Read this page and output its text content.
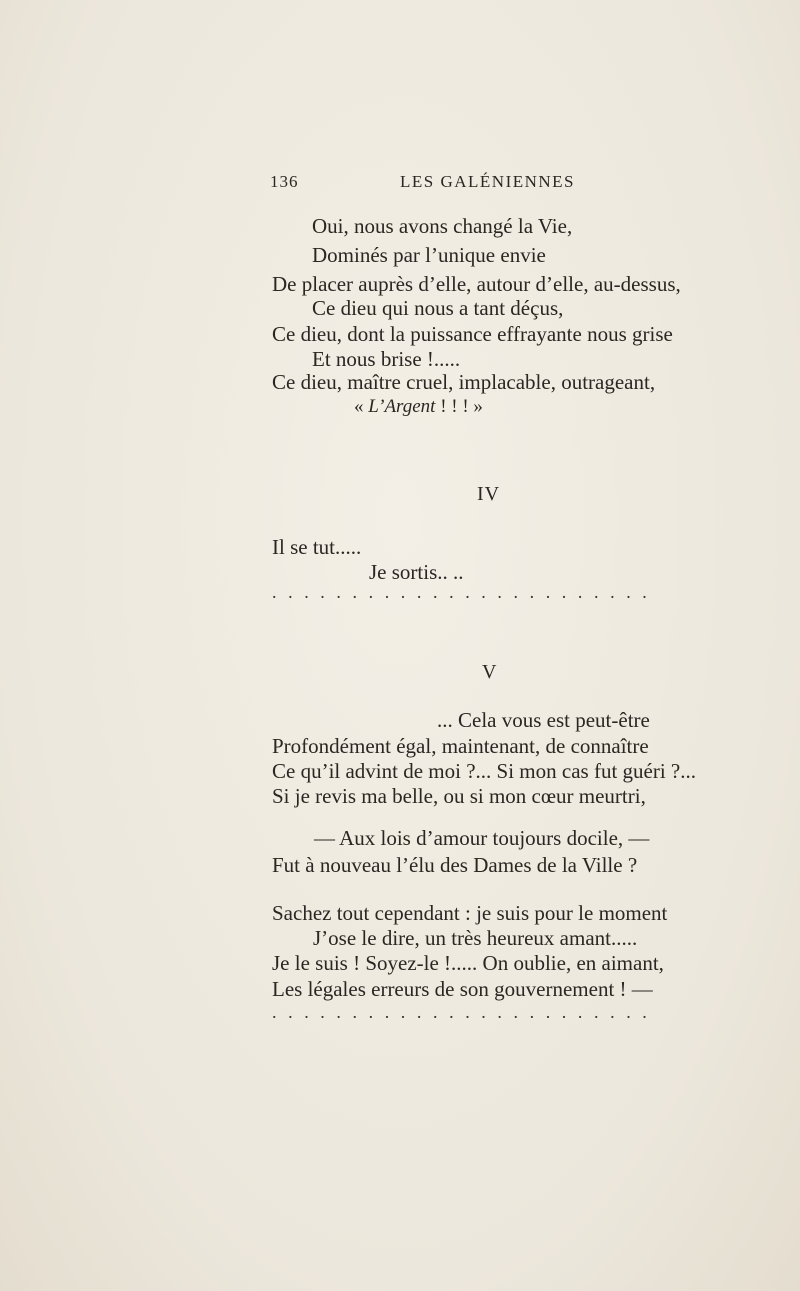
136	LES GALÉNIENNES
Oui, nous avons changé la Vie,
Dominés par l’unique envie
De placer auprès d’elle, autour d’elle, au-dessus,
Ce dieu qui nous a tant déçus,
Ce dieu, dont la puissance effrayante nous grise
Et nous brise !.....
Ce dieu, maître cruel, implacable, outrageant,
« L’Argent ! ! ! »
IV
Il se tut.....
Je sortis.. ..
........................
V
... Cela vous est peut-être
Profondément égal, maintenant, de connaître
Ce qu’il advint de moi ?... Si mon cas fut guéri ?...
Si je revis ma belle, ou si mon cœur meurtri,
— Aux lois d’amour toujours docile, —
Fut à nouveau l’élu des Dames de la Ville ?
Sachez tout cependant : je suis pour le moment
J’ose le dire, un très heureux amant.....
Je le suis ! Soyez-le !..... On oublie, en aimant,
Les légales erreurs de son gouvernement ! —
........................
